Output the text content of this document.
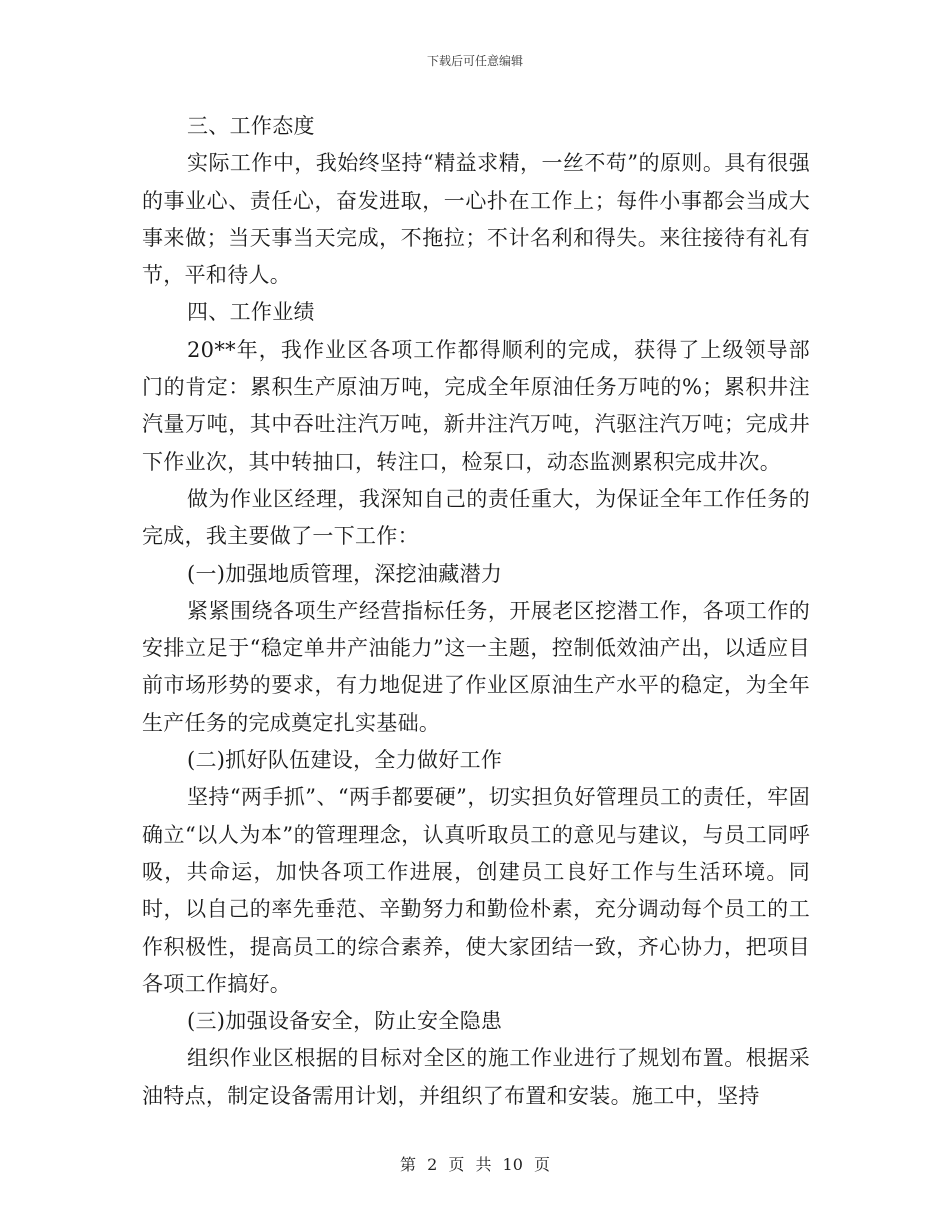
下载后可任意编辑

三、工作态度

实际工作中，我始终坚持“精益求精，一丝不苟”的原则。具有很强的事业心、责任心，奋发进取，一心扑在工作上；每件小事都会当成大事来做；当天事当天完成，不拖拉；不计名利和得失。来往接待有礼有节，平和待人。

四、工作业绩

20**年，我作业区各项工作都得顺利的完成，获得了上级领导部门的肯定：累积生产原油万吨，完成全年原油任务万吨的%；累积井注汽量万吨，其中吞吐注汽万吨，新井注汽万吨，汽驱注汽万吨；完成井下作业次，其中转抽口，转注口，检泵口，动态监测累积完成井次。

做为作业区经理，我深知自己的责任重大，为保证全年工作任务的完成，我主要做了一下工作：

(一)加强地质管理，深挖油藏潜力

紧紧围绕各项生产经营指标任务，开展老区挖潜工作，各项工作的安排立足于“稳定单井产油能力”这一主题，控制低效油产出，以适应目前市场形势的要求，有力地促进了作业区原油生产水平的稳定，为全年生产任务的完成奠定扎实基础。

(二)抓好队伍建设，全力做好工作

坚持“两手抓”、“两手都要硬”，切实担负好管理员工的责任，牢固确立“以人为本”的管理理念，认真听取员工的意见与建议，与员工同呼吸，共命运，加快各项工作进展，创建员工良好工作与生活环境。同时，以自己的率先垂范、辛勤努力和勤俭朴素，充分调动每个员工的工作积极性，提高员工的综合素养，使大家团结一致，齐心协力，把项目各项工作搞好。

(三)加强设备安全，防止安全隐患

组织作业区根据的目标对全区的施工作业进行了规划布置。根据采油特点，制定设备需用计划，并组织了布置和安装。施工中，坚持

第 2 页 共 10 页
